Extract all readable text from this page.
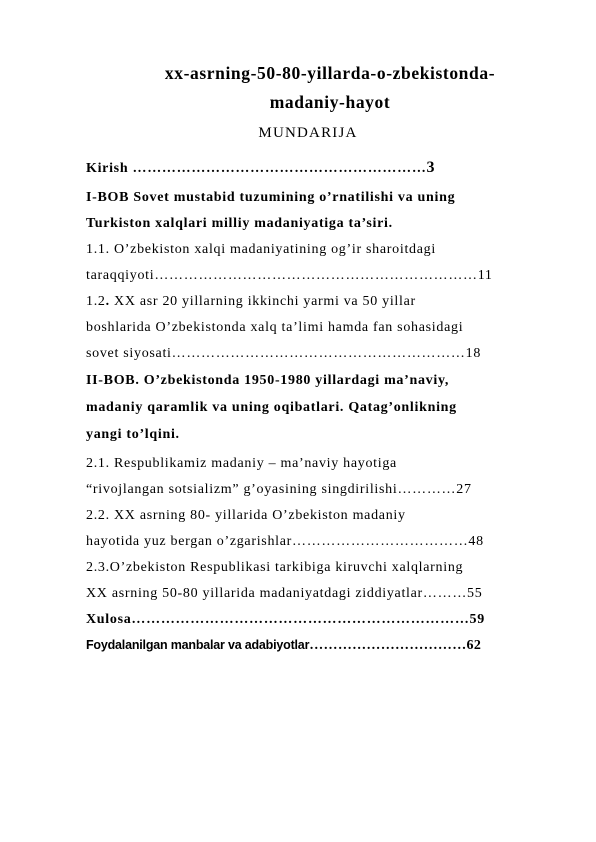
xx-asrning-50-80-yillarda-o-zbekistonda-
madaniy-hayot
MUNDARIJA
Kirish ……………………………………………………3
I-BOB Sovet mustabid tuzumining o’rnatilishi va uning
Turkiston xalqlari milliy madaniyatiga ta’siri.
1.1. O’zbekiston xalqi madaniyatining og’ir sharoitdagi
taraqqiyoti…………………………………………………………11
1.2. XX asr 20 yillarning ikkinchi yarmi va 50 yillar
boshlarida O’zbekistonda xalq ta’limi hamda fan sohasidagi
sovet siyosati……………………………………………………18
II-BOB. O’zbekistonda 1950-1980 yillardagi ma’naviy,
madaniy qaramlik va uning oqibatlari. Qatag’onlikning
yangi to’lqini.
2.1. Respublikamiz madaniy – ma’naviy hayotiga
“rivojlangan sotsializm” g’oyasining singdirilishi…………27
2.2. XX asrning 80- yillarida O’zbekiston madaniy
hayotida yuz bergan o’zgarishlar………………………………48
2.3.O’zbekiston Respublikasi tarkibiga kiruvchi xalqlarning
XX asrning 50-80 yillarida madaniyatdagi ziddiyatlar………55
Xulosa……………………………………………………………59
Foydalanilgan manbalar va adabiyotlar……………………………62
